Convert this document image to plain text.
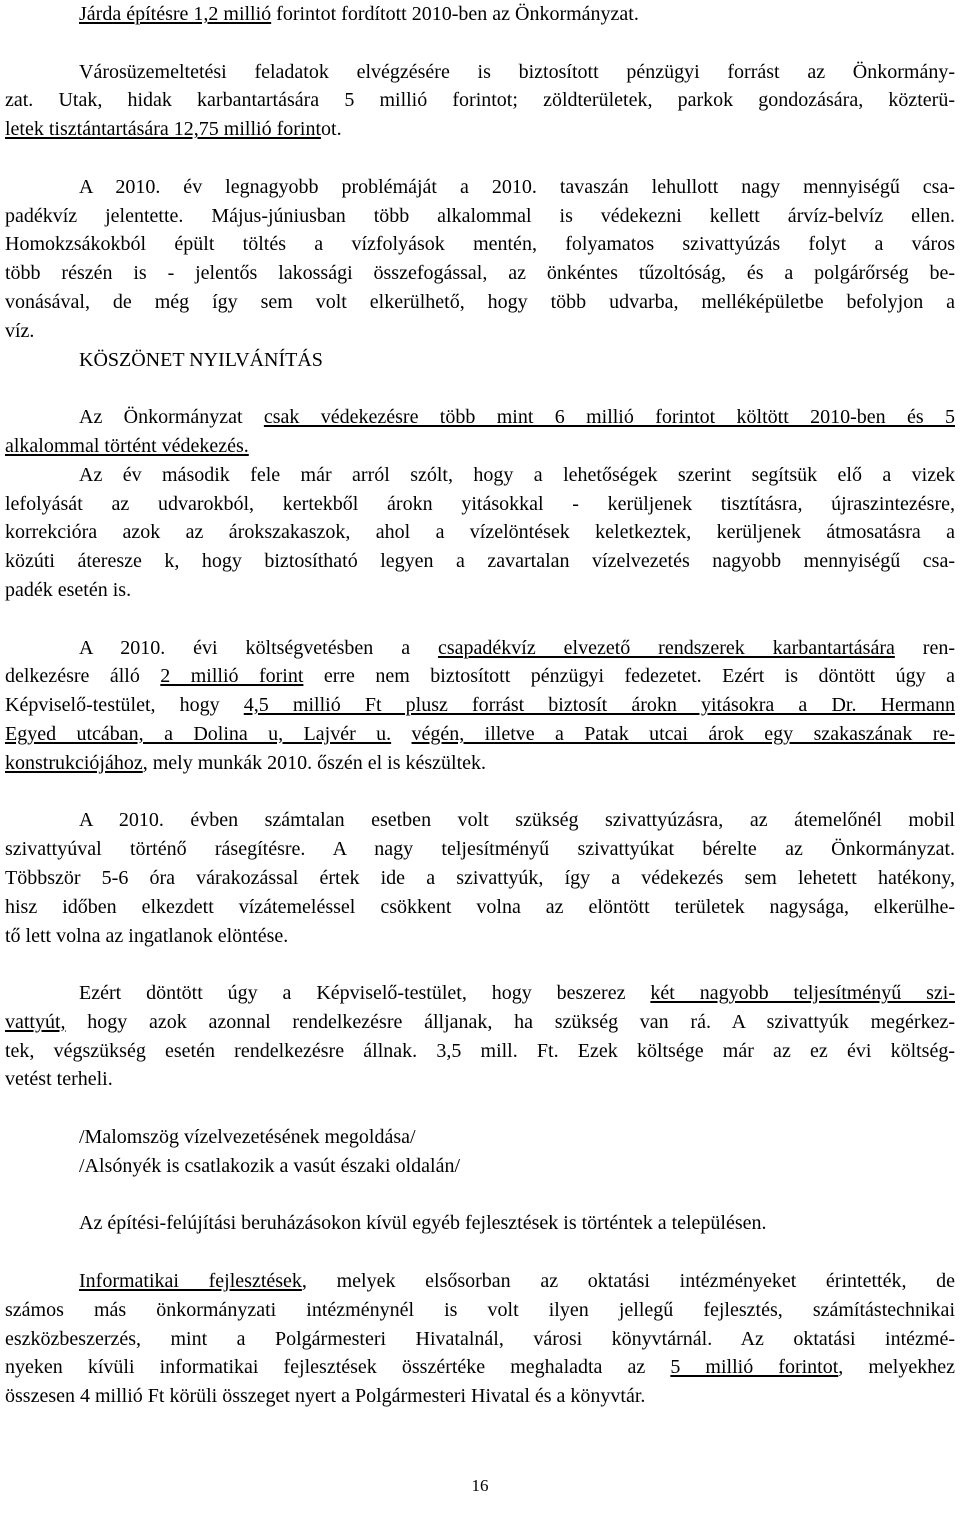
Járda építésre 1,2 millió forintot fordított 2010-ben az Önkormányzat.
Városüzemeltetési feladatok elvégzésére is biztosított pénzügyi forrást az Önkormány-
zat. Utak, hidak karbantartására 5 millió forintot; zöldterületek, parkok gondozására, közterü-
letek tisztántartására 12,75 millió forintot.
A 2010. év legnagyobb problémáját a 2010. tavaszán lehullott nagy mennyiségű csa-
padékvíz jelentette. Május-júniusban több alkalommal is védekezni kellett árvíz-belvíz ellen.
Homokzsákokból épült töltés a vízfolyások mentén, folyamatos szivattyúzás folyt a város
több részén is - jelentős lakossági összefogással, az önkéntes tűzoltóság, és a polgárőrség be-
vonásával, de még így sem volt elkerülhető, hogy több udvarba, melléképületbe befolyjon a
víz.
KÖSZÖNET NYILVÁNÍTÁS
Az Önkormányzat csak védekezésre több mint 6 millió forintot költött 2010-ben és 5
alkalommal történt védekezés.
Az év második fele már arról szólt, hogy a lehetőségek szerint segítsük elő a vizek
lefolyását az udvarokból, kertekből árokn yitásokkal - kerüljenek tisztításra, újraszintezésre,
korrekcióra azok az árokszakaszok, ahol a vízelöntések keletkeztek, kerüljenek átmosatásra a
közúti áteresze k, hogy biztosítható legyen a zavartalan vízelvezetés nagyobb mennyiségű csa-
padék esetén is.
A 2010. évi költségvetésben a csapadékvíz elvezető rendszerek karbantartására ren-
delkezésre álló 2 millió forint erre nem biztosított pénzügyi fedezetet. Ezért is döntött úgy a
Képviselő-testület, hogy 4,5 millió Ft plusz forrást biztosít árokn yitásokra a Dr. Hermann
Egyed utcában, a Dolina u, Lajvér u. végén, illetve a Patak utcai árok egy szakaszának re-
konstrukciójához, mely munkák 2010. őszén el is készültek.
A 2010. évben számtalan esetben volt szükség szivattyúzásra, az átemelőnél mobil
szivattyúval történő rásegítésre. A nagy teljesítményű szivattyúkat bérelte az Önkormányzat.
Többször 5-6 óra várakozással értek ide a szivattyúk, így a védekezés sem lehetett hatékony,
hisz időben elkezdett vízátemeléssel csökkent volna az elöntött területek nagysága, elkerülhe-
tő lett volna az ingatlanok elöntése.
Ezért döntött úgy a Képviselő-testület, hogy beszerez két nagyobb teljesítményű szi-
vattyút, hogy azok azonnal rendelkezésre álljanak, ha szükség van rá. A szivattyúk megérkez-
tek, végszükség esetén rendelkezésre állnak. 3,5 mill. Ft. Ezek költsége már az ez évi költség-
vetést terheli.
/Malomszög vízelvezetésének megoldása/
/Alsónyék is csatlakozik a vasút északi oldalán/
Az építési-felújítási beruházásokon kívül egyéb fejlesztések is történtek a településen.
Informatikai fejlesztések, melyek elsősorban az oktatási intézményeket érintették, de
számos más önkormányzati intézménynél is volt ilyen jellegű fejlesztés, számítástechnikai
eszközbeszerzés, mint a Polgármesteri Hivatalnál, városi könyvtárnál. Az oktatási intézmé-
nyeken kívüli informatikai fejlesztések összértéke meghaladta az 5 millió forintot, melyekhez
összesen 4 millió Ft körüli összeget nyert a Polgármesteri Hivatal és a könyvtár.
16
